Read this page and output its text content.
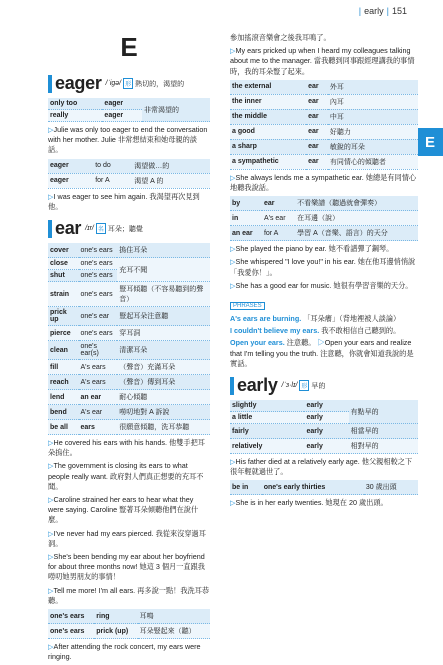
| early | 151
E
E
eager /ˈigə/ 形 熱切的，渴望的
only too	eager	非常渴望的
really	eager	
▷Julie was only too eager to end the conversation with her mother. Julie 非常想結束和她母親的談話。
eager	to do	渴望做…的
eager	for A	渴望 A 的
▷I was eager to see him again. 我渴望再次見到他。
ear /ɪr/ 名 耳朵；聽覺
cover	one's ears	摀住耳朵
close	one's ears	充耳不聞
shut	one's ears	
strain	one's ears	豎耳傾聽（不容易聽到的聲音）
prick up	one's ear	豎起耳朵注意聽
pierce	one's ears	穿耳洞
clean	one's ear(s)	清潔耳朵
fill	A's ears	（聲音）充滿耳朵
reach	A's ears	（聲音）傳到耳朵
lend	an ear	耐心傾聽
bend	A's ear	嘮叨地對 A 訴說
be all	ears	很願意傾聽，洗耳恭聽
▷He covered his ears with his hands. 他雙手把耳朵摀住。
▷The government is closing its ears to what people really want. 政府對人們真正想要的充耳不聞。
▷Caroline strained her ears to hear what they were saying. Caroline 豎著耳朵傾聽他們在說什麼。
▷I've never had my ears pierced. 我從來沒穿過耳洞。
▷She's been bending my ear about her boyfriend for about three months now! 她這 3 個月一直跟我嘮叨她男朋友的事情！
▷Tell me more! I'm all ears. 再多說一點！我洗耳恭聽。
one's ears	ring	耳鳴
one's ears	prick (up)	耳朵豎起來（聽）
▷After attending the rock concert, my ears were ringing.
參加搖滾音樂會之後我耳鳴了。
▷My ears pricked up when I heard my colleagues talking about me to the manager. 當我聽到同事跟經理講我的事情時，我的耳朵豎了起來。
the external	ear	外耳
the inner	ear	內耳
the middle	ear	中耳
a good	ear	好聽力
a sharp	ear	敏銳的耳朵
a sympathetic	ear	有同情心的傾聽者
▷She always lends me a sympathetic ear. 她總是有同情心地聽我說話。
by	ear	不看樂譜（聽過就會彈奏）
in	A's ear	在耳邊（說）
an ear	for A	學習 A（音樂、語言）的天分
▷She played the piano by ear. 她不看譜彈了鋼琴。
▷She whispered "I love you!" in his ear. 她在他耳邊悄悄說「我愛你！」。
▷She has a good ear for music. 她很有學習音樂的天分。
PHRASES
A's ears are burning. 「耳朵癢」（背地裡被人談論）
I couldn't believe my ears. 我不敢相信自己聽到的。
Open your ears. 注意聽。 ▷Open your ears and realize that I'm telling you the truth. 注意聽，你就會知道我說的是實話。
early /ˈɜ·lɪ/ 形 早的
slightly	early	有點早的
a little	early	
fairly	early	相當早的
relatively	early	相對早的
▷His father died at a relatively early age. 他父親相較之下很年輕就過世了。
be in	one's early thirties	30 歲出頭
▷She is in her early twenties. 她現在 20 歲出頭。
